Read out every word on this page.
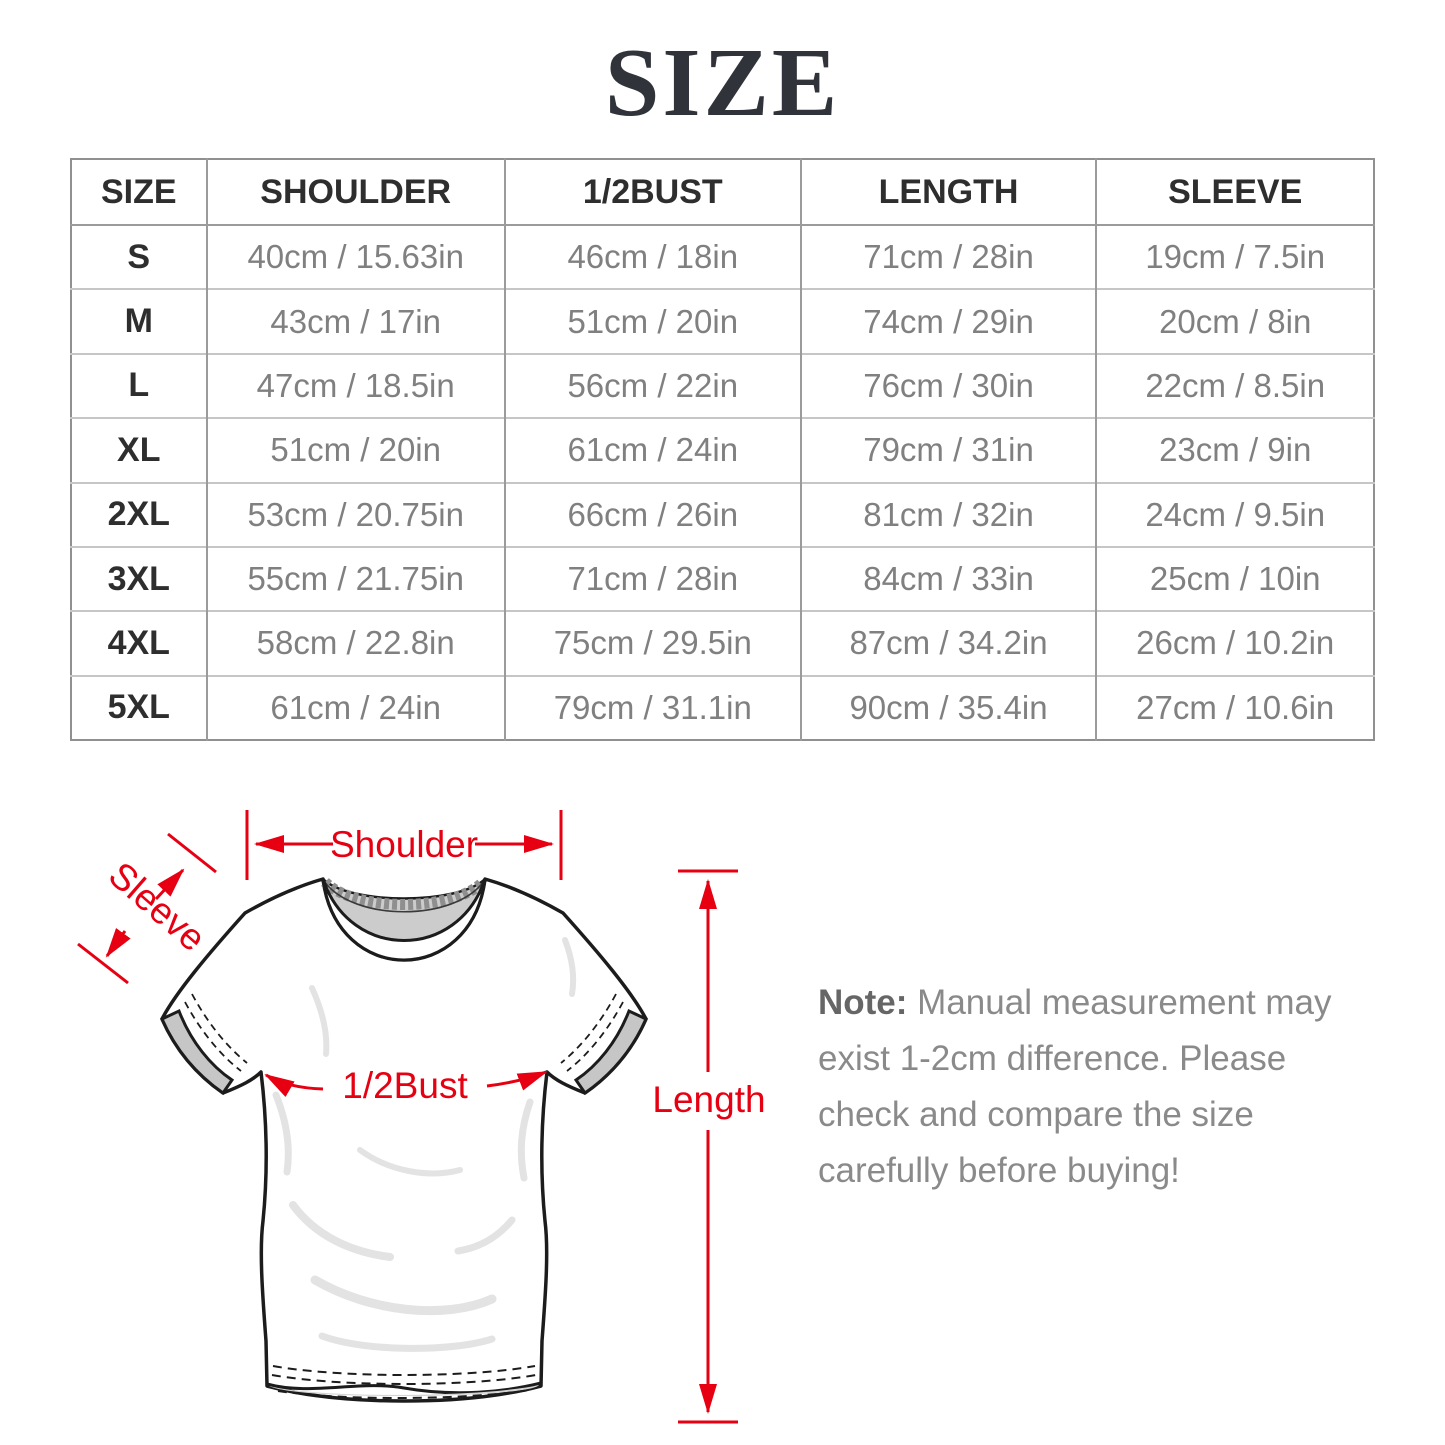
SIZE
SIZE	SHOULDER	1/2BUST	LENGTH	SLEEVE
S	40cm / 15.63in	46cm / 18in	71cm / 28in	19cm / 7.5in
M	43cm / 17in	51cm / 20in	74cm / 29in	20cm / 8in
L	47cm / 18.5in	56cm / 22in	76cm / 30in	22cm / 8.5in
XL	51cm / 20in	61cm / 24in	79cm / 31in	23cm / 9in
2XL	53cm / 20.75in	66cm / 26in	81cm / 32in	24cm / 9.5in
3XL	55cm / 21.75in	71cm / 28in	84cm / 33in	25cm / 10in
4XL	58cm / 22.8in	75cm / 29.5in	87cm / 34.2in	26cm / 10.2in
5XL	61cm / 24in	79cm / 31.1in	90cm / 35.4in	27cm / 10.6in
Shoulder
Sleeve
1/2Bust	Length
Note: Manual measurement may exist 1-2cm difference. Please check and compare the size carefully before buying!
